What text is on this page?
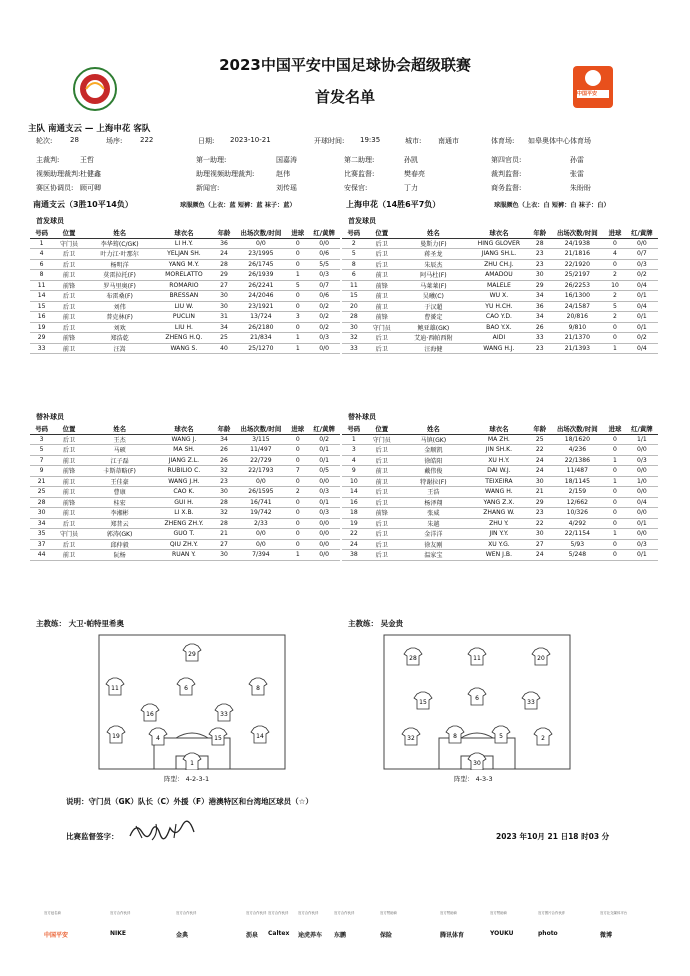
2023中国平安中国足球协会超级联赛
首发名单	中国平安
主队 南通支云 — 上海申花 客队
轮次:	28	场序:	222	日期: 2023-10-21	开球时间: 19:35	城市: 南通市	体育场: 如皋奥体中心体育场
主裁判:	王哲	第一助理:	国嘉涛	第二助理:	孙凯	第四官员:	孙雷
视频助理裁判: 杜健鑫	助理视频助理裁判:	赵伟	比赛监督:	樊春亮	裁判监督:	张雷
赛区协调员: 顾可卿	新闻官:	刘传瑶	安保官:	丁力	商务监督:	朱盼盼
南通支云（3胜10平14负）	球服颜色（上衣：蓝 短裤：蓝 袜子：蓝）	上海申花（14胜6平7负）	球服颜色（上衣：白 短裤：白 袜子：白）
首发球员	首发球员
替补球员	替补球员
号码	位置	姓名	球衣名	年龄	出场次数/时间	进球	红/黄牌
1	守门员	李华筠(C/GK)	LI H.Y.	36	0/0	0	0/0
4	后卫	叶力江·叶那尔	YELJAN SH.	24	23/1995	0	0/6
6	后卫	杨明洋	YANG M.Y.	28	26/1745	0	5/5
8	前卫	莫雷拉托(F)	MORELATTO	29	26/1939	1	0/3
11	前锋	罗马里奥(F)	ROMARIO	27	26/2241	5	0/7
14	后卫	布雷桑(F)	BRESSAN	30	24/2046	0	0/6
15	后卫	刘伟	LIU W.	30	23/1921	0	0/2
16	前卫	普克林(F)	PUCLIN	31	13/724	3	0/2
19	后卫	刘欢	LIU H.	34	26/2180	0	0/2
29	前锋	郑浩乾	ZHENG H.Q.	25	21/834	1	0/3
33	前卫	汪嵩	WANG S.	40	25/1270	1	0/0
号码	位置	姓名	球衣名	年龄	出场次数/时间	进球	红/黄牌
2	后卫	曼斯力(F)	HING GLOVER	28	24/1938	0	0/0
5	后卫	蒋圣龙	JIANG SH.L.	23	21/1816	4	0/7
8	后卫	朱辰杰	ZHU CH.J.	23	22/1920	0	0/3
6	前卫	阿马杜(F)	AMADOU	30	25/2197	2	0/2
11	前锋	马莱莱(F)	MALELE	29	26/2253	10	0/4
15	前卫	吴曦(C)	WU X.	34	16/1300	2	0/1
20	前卫	于汉超	YU H.CH.	36	24/1587	5	0/4
28	前锋	曹赟定	CAO Y.D.	34	20/816	2	0/1
30	守门员	鲍亚雄(GK)	BAO Y.X.	26	9/810	0	0/1
32	后卫	艾迪·西帕西附	AIDI	33	21/1370	0	0/2
33	后卫	汪海健	WANG H.J.	23	21/1393	1	0/4
号码	位置	姓名	球衣名	年龄	出场次数/时间	进球	红/黄牌
3	后卫	王杰	WANG J.	34	3/115	0	0/2
5	后卫	马硕	MA SH.	26	11/497	0	0/1
7	前卫	江子磊	JIANG Z.L.	26	22/729	0	0/1
9	前锋	卡斯蒂略(F)	RUBILIO C.	32	22/1793	7	0/5
21	前卫	王佳豪	WANG J.H.	23	0/0	0	0/0
25	前卫	曹康	CAO K.	30	26/1595	2	0/3
28	前锋	桂宏	GUI H.	28	16/741	0	0/1
30	前卫	李湘彬	LI X.B.	32	19/742	0	0/3
34	后卫	郑昔云	ZHENG ZH.Y.	28	2/33	0	0/0
35	守门员	郭涛(GK)	GUO T.	21	0/0	0	0/0
37	后卫	邱仲毅	QIU ZH.Y.	27	0/0	0	0/0
44	前卫	阮杨	RUAN Y.	30	7/394	1	0/0
号码	位置	姓名	球衣名	年龄	出场次数/时间	进球	红/黄牌
1	守门员	马镇(GK)	MA ZH.	25	18/1620	0	1/1
3	后卫	金顺凯	JIN SH.K.	22	4/236	0	0/0
4	后卫	徐皓阳	XU H.Y.	24	22/1386	1	0/3
9	前卫	戴伟俊	DAI W.J.	24	11/487	0	0/0
10	前卫	特谢拉(F)	TEIXEIRA	30	18/1145	1	1/0
14	后卫	王浩	WANG H.	21	2/159	0	0/0
16	后卫	杨泽翔	YANG Z.X.	29	12/662	0	0/4
18	前锋	张威	ZHANG W.	23	10/326	0	0/0
19	后卫	朱越	ZHU Y.	22	4/292	0	0/1
22	后卫	金洋洋	JIN Y.Y.	30	22/1154	1	0/0
24	后卫	徐友刚	XU Y.G.	27	5/93	0	0/3
38	后卫	温家宝	WEN J.B.	24	5/248	0	0/1
主教练： 大卫·帕特里希奥	主教练： 吴金贵
29
11	6	8
16	33
19	4	15	14
1
28	11	20
15
6
33
32	8	5	2
30
阵型： 4-2-3-1	阵型： 4-3-3
说明：守门员（GK）队长（C）外援（F）港澳特区和台湾地区球员（☆）
比赛监督签字：	2023 年10月 21 日18 时03 分
官方冠名商
中国平安
官方合作伙伴
NIKE
官方合作伙伴
金典
官方合作伙伴
沥泉
官方合作伙伴
Caltex
官方合作伙伴
途虎养车
官方合作伙伴
东鹏
官方赞助商
保险
官方赞助商
腾讯体育
官方赞助商
YOUKU
官方图片合作伙伴
photo
官方社交媒体平台
微博
